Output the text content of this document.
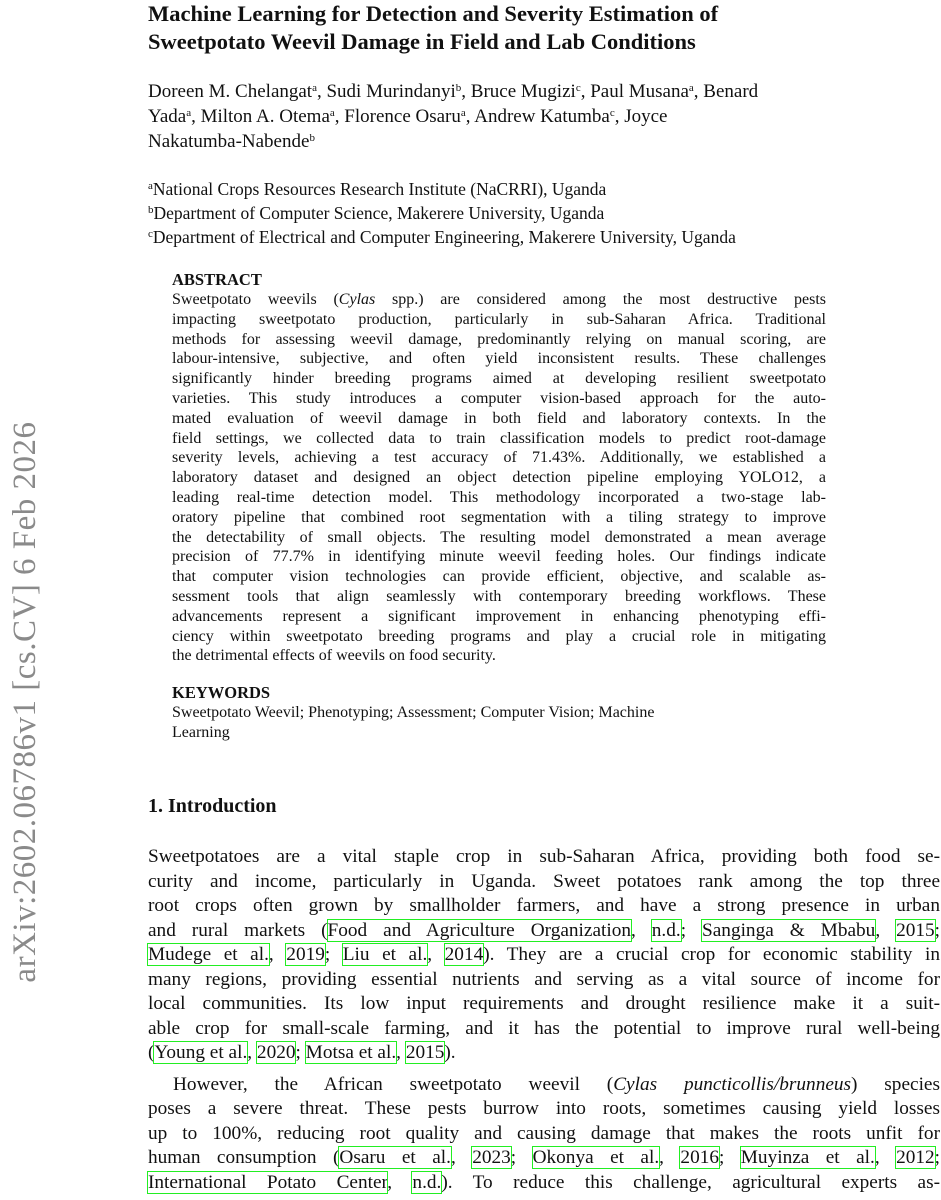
arXiv:2602.06786v1 [cs.CV] 6 Feb 2026
Machine Learning for Detection and Severity Estimation of
Sweetpotato Weevil Damage in Field and Lab Conditions
Doreen M. Chelangat$^a$, Sudi Murindanyi$^b$, Bruce Mugizi$^c$, Paul Musana$^a$, Benard
Yada$^a$, Milton A. Otema$^a$, Florence Osaru$^a$, Andrew Katumba$^c$, Joyce
Nakatumba-Nabende$^b$
$^a$National Crops Resources Research Institute (NaCRRI), Uganda
$^b$Department of Computer Science, Makerere University, Uganda
$^c$Department of Electrical and Computer Engineering, Makerere University, Uganda
ABSTRACT
Sweetpotato weevils (Cylas spp.) are considered among the most destructive pests
impacting sweetpotato production, particularly in sub-Saharan Africa. Traditional
methods for assessing weevil damage, predominantly relying on manual scoring, are
labour-intensive, subjective, and often yield inconsistent results. These challenges
significantly hinder breeding programs aimed at developing resilient sweetpotato
varieties. This study introduces a computer vision-based approach for the auto-
mated evaluation of weevil damage in both field and laboratory contexts. In the
field settings, we collected data to train classification models to predict root-damage
severity levels, achieving a test accuracy of 71.43%. Additionally, we established a
laboratory dataset and designed an object detection pipeline employing YOLO12, a
leading real-time detection model. This methodology incorporated a two-stage lab-
oratory pipeline that combined root segmentation with a tiling strategy to improve
the detectability of small objects. The resulting model demonstrated a mean average
precision of 77.7% in identifying minute weevil feeding holes. Our findings indicate
that computer vision technologies can provide efficient, objective, and scalable as-
sessment tools that align seamlessly with contemporary breeding workflows. These
advancements represent a significant improvement in enhancing phenotyping effi-
ciency within sweetpotato breeding programs and play a crucial role in mitigating
the detrimental effects of weevils on food security.
KEYWORDS
Sweetpotato Weevil; Phenotyping; Assessment; Computer Vision; Machine
Learning
1. Introduction
Sweetpotatoes are a vital staple crop in sub-Saharan Africa, providing both food se-
curity and income, particularly in Uganda. Sweet potatoes rank among the top three
root crops often grown by smallholder farmers, and have a strong presence in urban
and rural markets (Food and Agriculture Organization, n.d.; Sanginga & Mbabu, 2015;
Mudege et al., 2019; Liu et al., 2014). They are a crucial crop for economic stability in
many regions, providing essential nutrients and serving as a vital source of income for
local communities. Its low input requirements and drought resilience make it a suit-
able crop for small-scale farming, and it has the potential to improve rural well-being
(Young et al., 2020; Motsa et al., 2015).
However, the African sweetpotato weevil (Cylas puncticollis/brunneus) species
poses a severe threat. These pests burrow into roots, sometimes causing yield losses
up to 100%, reducing root quality and causing damage that makes the roots unfit for
human consumption (Osaru et al., 2023; Okonya et al., 2016; Muyinza et al., 2012;
International Potato Center, n.d.). To reduce this challenge, agricultural experts as-
